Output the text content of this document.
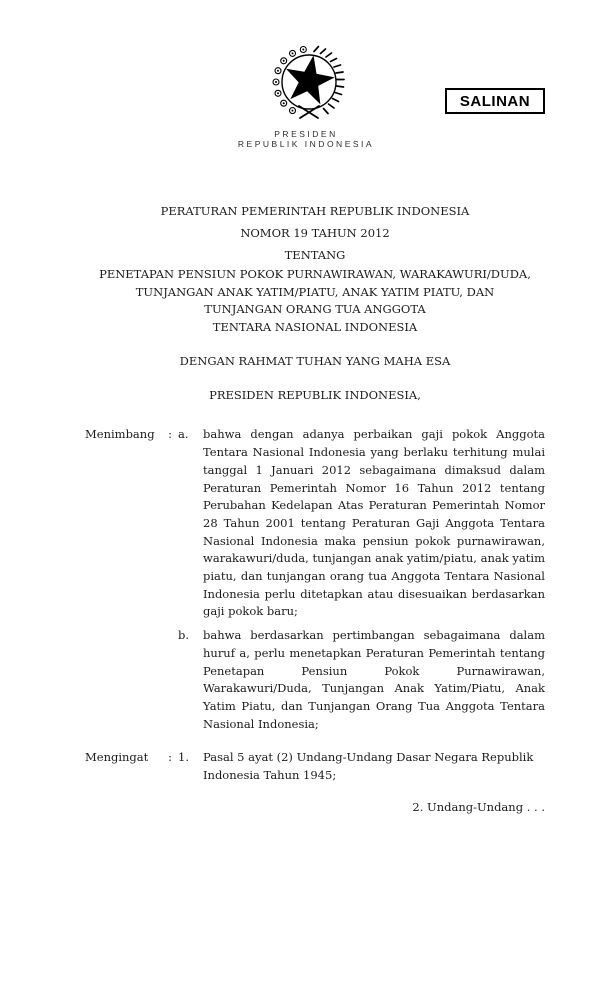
PRESIDEN
REPUBLIK INDONESIA
SALINAN
PERATURAN PEMERINTAH REPUBLIK INDONESIA
NOMOR 19 TAHUN 2012
TENTANG
PENETAPAN PENSIUN POKOK PURNAWIRAWAN, WARAKAWURI/DUDA,
TUNJANGAN ANAK YATIM/PIATU, ANAK YATIM PIATU, DAN
TUNJANGAN ORANG TUA ANGGOTA
TENTARA NASIONAL INDONESIA
DENGAN RAHMAT TUHAN YANG MAHA ESA
PRESIDEN REPUBLIK INDONESIA,
Menimbang	: a.	bahwa dengan adanya perbaikan gaji pokok Anggota Tentara Nasional Indonesia yang berlaku terhitung mulai tanggal 1 Januari 2012 sebagaimana dimaksud dalam Peraturan Pemerintah Nomor 16 Tahun 2012 tentang Perubahan Kedelapan Atas Peraturan Pemerintah Nomor 28 Tahun 2001 tentang Peraturan Gaji Anggota Tentara Nasional Indonesia maka pensiun pokok purnawirawan, warakawuri/duda, tunjangan anak yatim/piatu, anak yatim piatu, dan tunjangan orang tua Anggota Tentara Nasional Indonesia perlu ditetapkan atau disesuaikan berdasarkan gaji pokok baru;

b.	bahwa berdasarkan pertimbangan sebagaimana dalam huruf a, perlu menetapkan Peraturan Pemerintah tentang Penetapan Pensiun Pokok Purnawirawan, Warakawuri/Duda, Tunjangan Anak Yatim/Piatu, Anak Yatim Piatu, dan Tunjangan Orang Tua Anggota Tentara Nasional Indonesia;

Mengingat	: 1.	Pasal 5 ayat (2) Undang-Undang Dasar Negara Republik Indonesia Tahun 1945;

2. Undang-Undang . . .
